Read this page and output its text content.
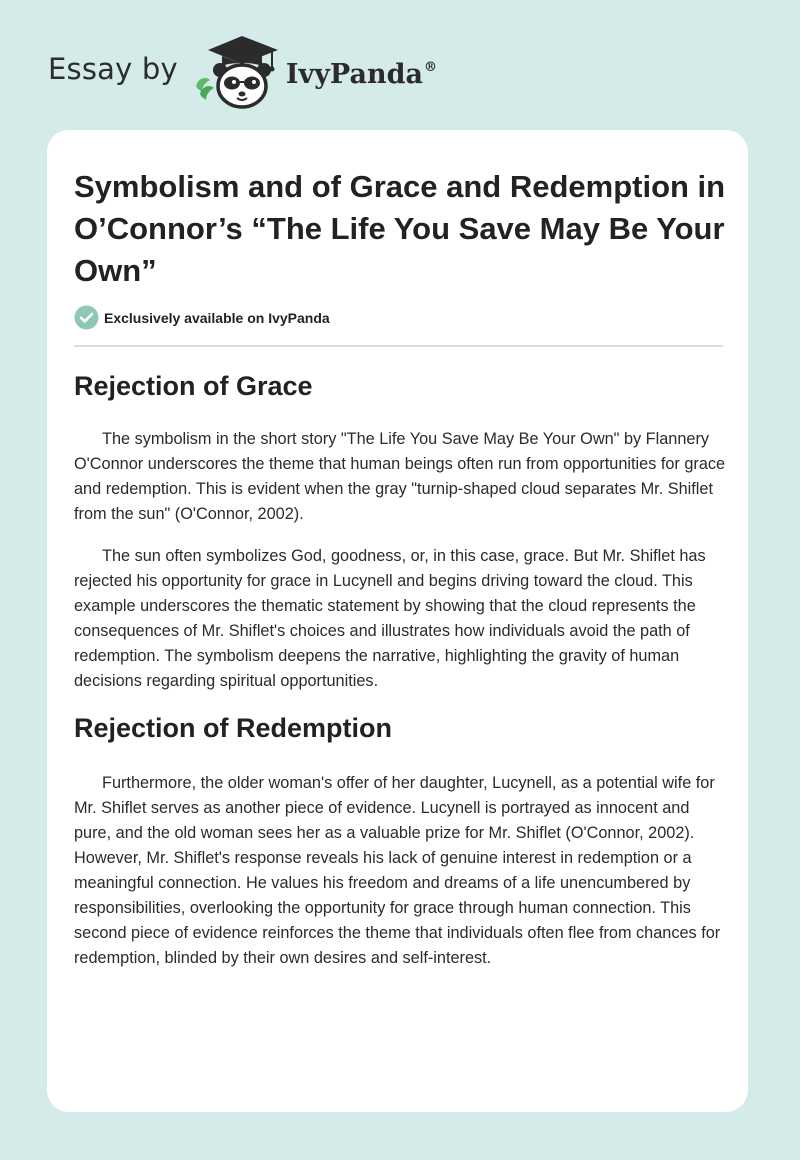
Essay by	IvyPanda®
Symbolism and of Grace and Redemption in O’Connor’s “The Life You Save May Be Your Own”
Exclusively available on IvyPanda
Rejection of Grace

The symbolism in the short story "The Life You Save May Be Your Own" by Flannery O'Connor underscores the theme that human beings often run from opportunities for grace and redemption. This is evident when the gray "turnip-shaped cloud separates Mr. Shiflet from the sun" (O'Connor, 2002).

The sun often symbolizes God, goodness, or, in this case, grace. But Mr. Shiflet has rejected his opportunity for grace in Lucynell and begins driving toward the cloud. This example underscores the thematic statement by showing that the cloud represents the consequences of Mr. Shiflet's choices and illustrates how individuals avoid the path of redemption. The symbolism deepens the narrative, highlighting the gravity of human decisions regarding spiritual opportunities.

Rejection of Redemption

Furthermore, the older woman's offer of her daughter, Lucynell, as a potential wife for Mr. Shiflet serves as another piece of evidence. Lucynell is portrayed as innocent and pure, and the old woman sees her as a valuable prize for Mr. Shiflet (O'Connor, 2002). However, Mr. Shiflet's response reveals his lack of genuine interest in redemption or a meaningful connection. He values his freedom and dreams of a life unencumbered by responsibilities, overlooking the opportunity for grace through human connection. This second piece of evidence reinforces the theme that individuals often flee from chances for redemption, blinded by their own desires and self-interest.
